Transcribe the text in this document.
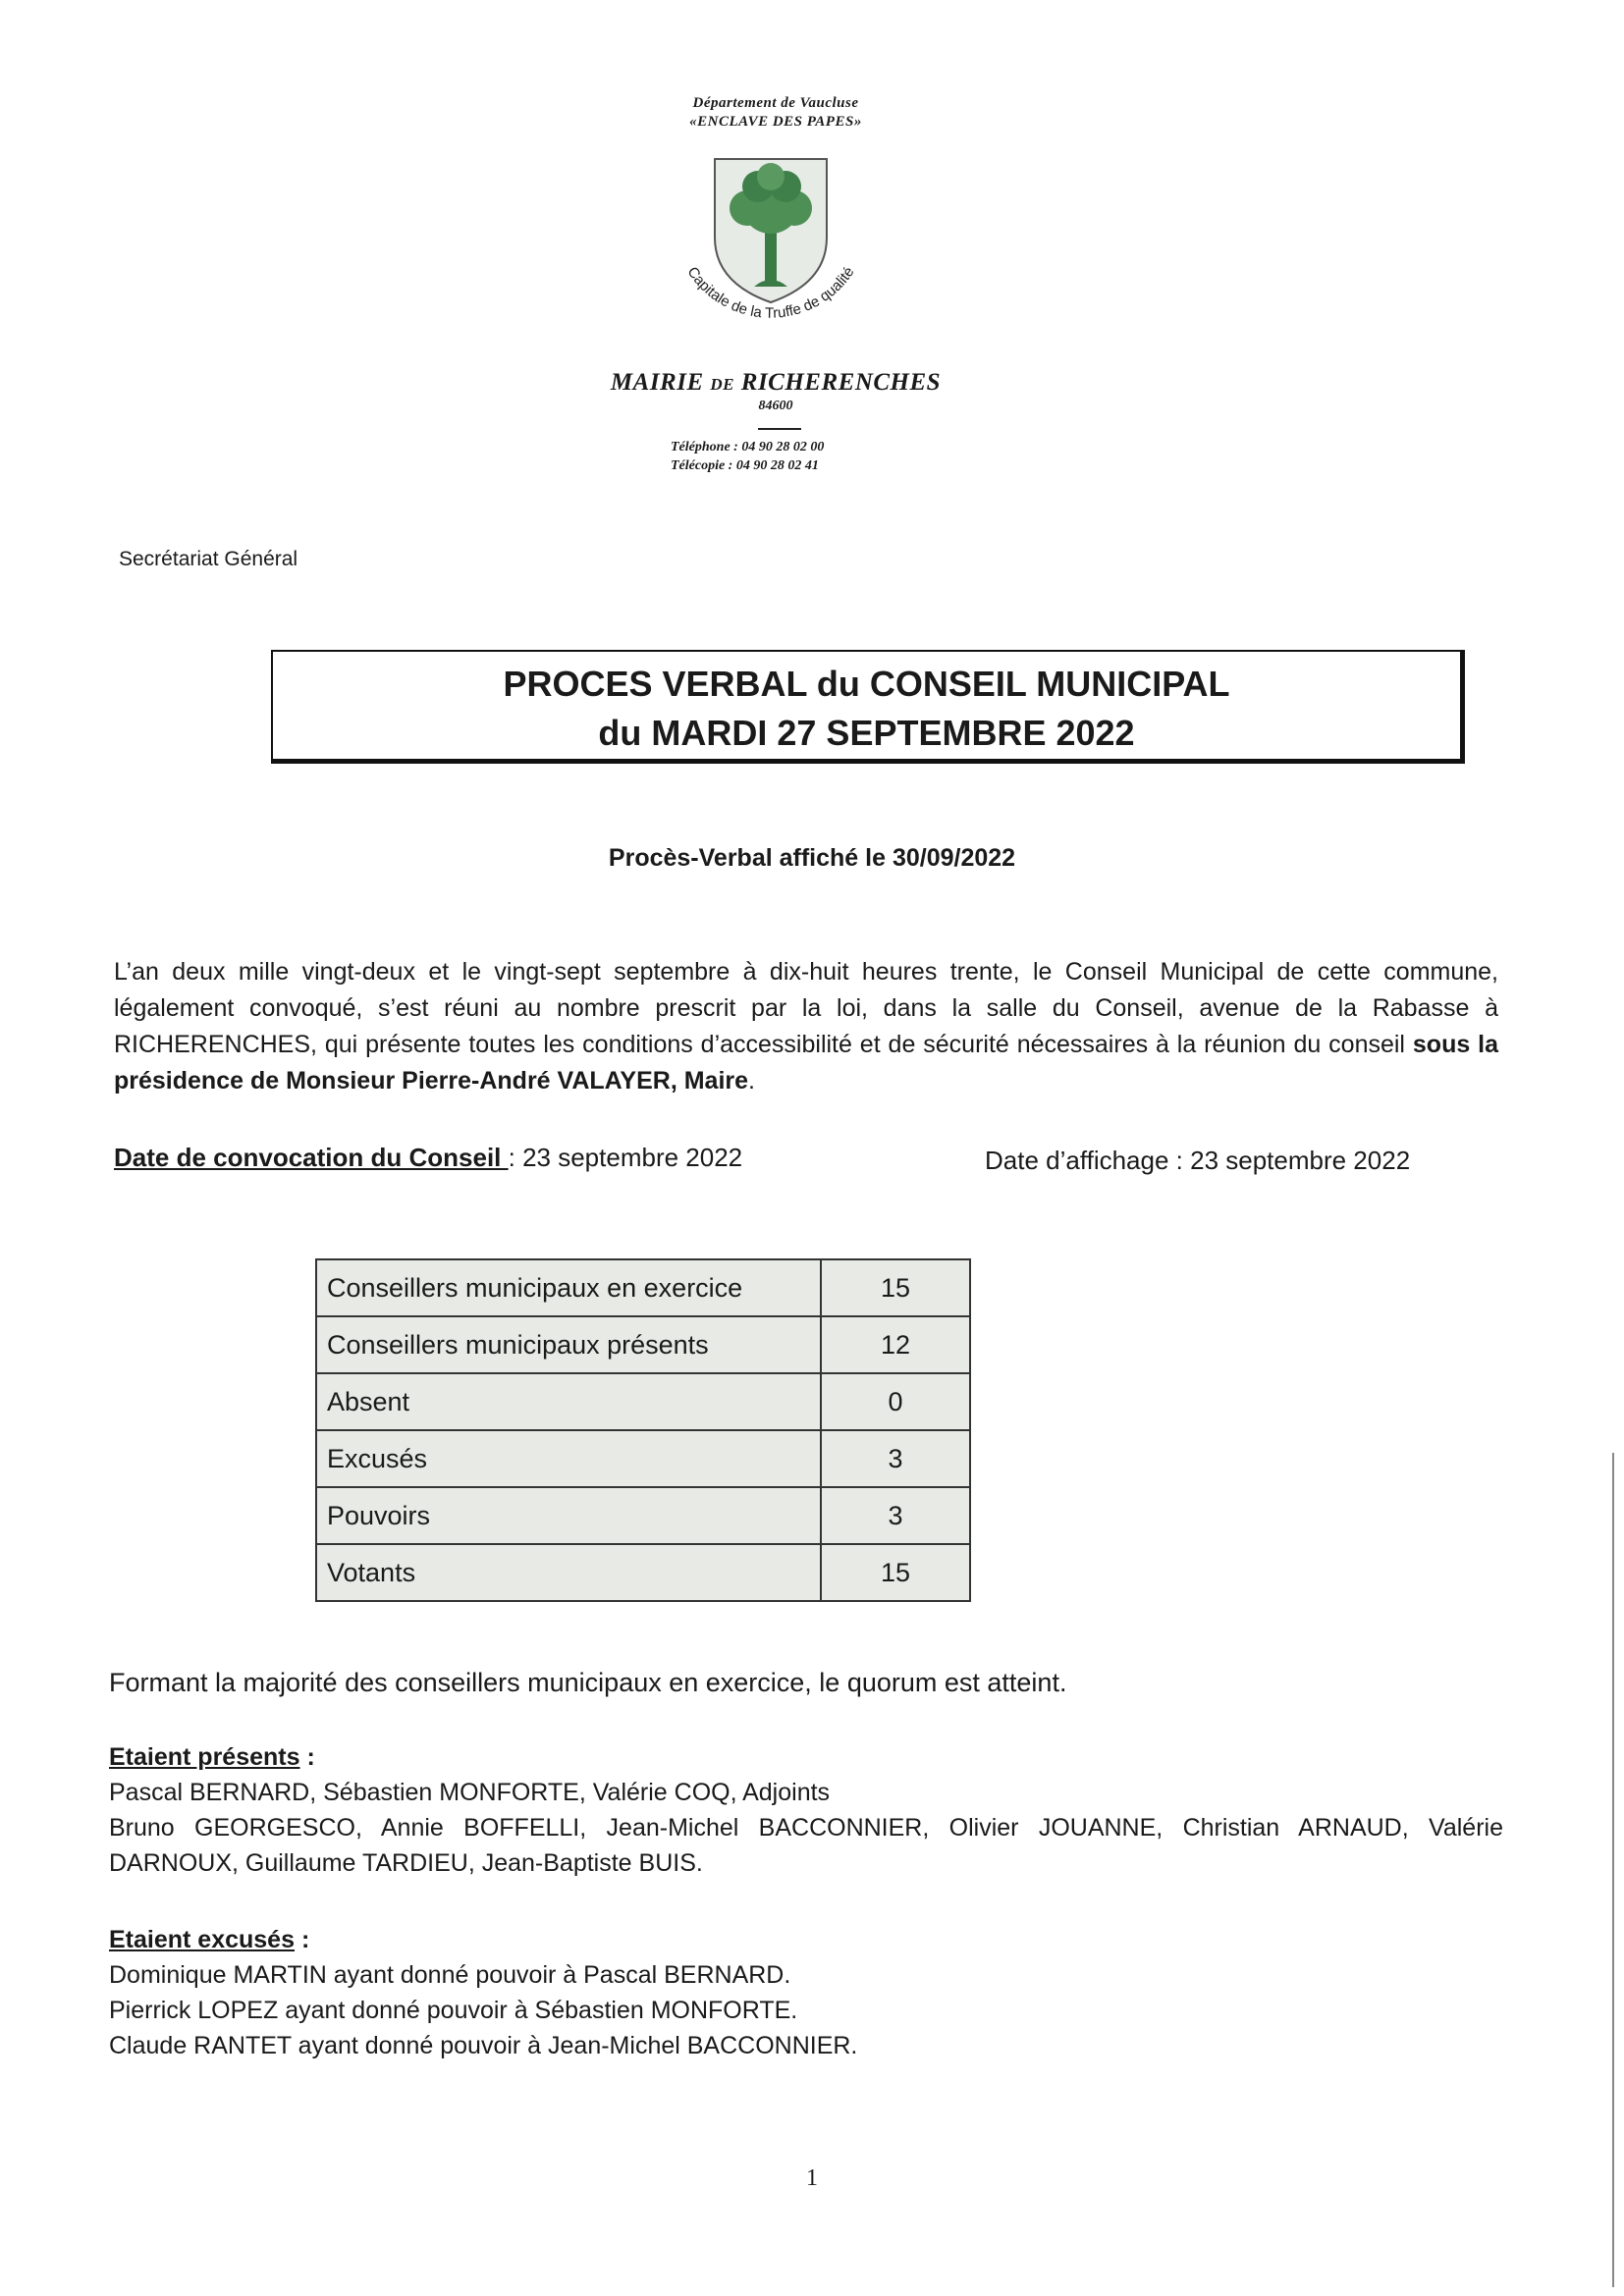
Département de Vaucluse
«ENCLAVE DES PAPES»
Capitale de la Truffe de qualité
MAIRIE DE RICHERENCHES
84600
Téléphone : 04 90 28 02 00
Télécopie : 04 90 28 02 41
Secrétariat Général
PROCES VERBAL du CONSEIL MUNICIPAL
du MARDI 27 SEPTEMBRE 2022
Procès-Verbal affiché le 30/09/2022

L’an deux mille vingt-deux et le vingt-sept septembre à dix-huit heures trente, le Conseil Municipal de cette commune, légalement convoqué, s’est réuni au nombre prescrit par la loi, dans la salle du Conseil, avenue de la Rabasse à RICHERENCHES, qui présente toutes les conditions d’accessibilité et de sécurité nécessaires à la réunion du conseil sous la présidence de Monsieur Pierre-André VALAYER, Maire.

Date de convocation du Conseil : 23 septembre 2022	Date d’affichage : 23 septembre 2022
Conseillers municipaux en exercice	15
Conseillers municipaux présents	12
Absent	0
Excusés	3
Pouvoirs	3
Votants	15
Formant la majorité des conseillers municipaux en exercice, le quorum est atteint.

Etaient présents :

Pascal BERNARD, Sébastien MONFORTE, Valérie COQ, Adjoints

Bruno GEORGESCO, Annie BOFFELLI, Jean-Michel BACCONNIER, Olivier JOUANNE, Christian ARNAUD, Valérie DARNOUX, Guillaume TARDIEU, Jean-Baptiste BUIS.

Etaient excusés :

Dominique MARTIN ayant donné pouvoir à Pascal BERNARD.

Pierrick LOPEZ ayant donné pouvoir à Sébastien MONFORTE.

Claude RANTET ayant donné pouvoir à Jean-Michel BACCONNIER.

1
